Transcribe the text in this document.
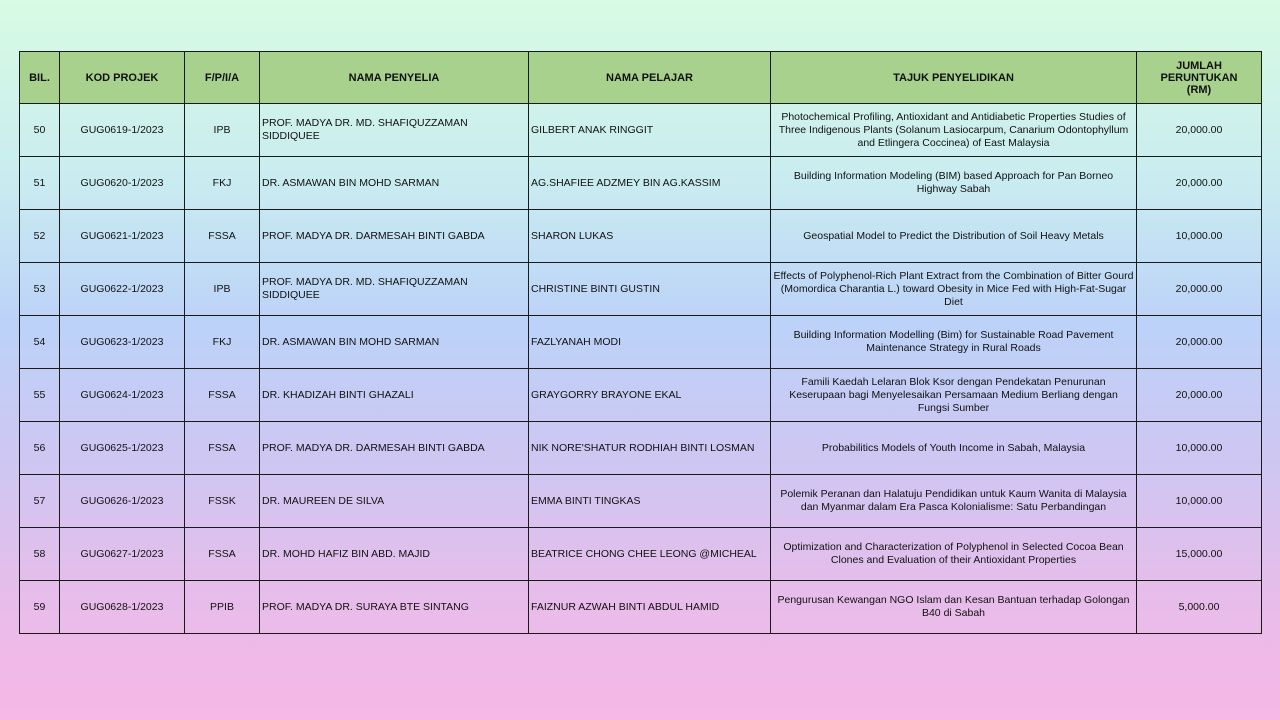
BIL.	KOD PROJEK	F/P/I/A	NAMA PENYELIA	NAMA PELAJAR	TAJUK PENYELIDIKAN	JUMLAH PERUNTUKAN (RM)
50	GUG0619-1/2023	IPB	PROF. MADYA DR. MD. SHAFIQUZZAMAN SIDDIQUEE	GILBERT ANAK RINGGIT	Photochemical Profiling, Antioxidant and Antidiabetic Properties Studies of Three Indigenous Plants (Solanum Lasiocarpum, Canarium Odontophyllum and Etlingera Coccinea) of East Malaysia	20,000.00
51	GUG0620-1/2023	FKJ	DR. ASMAWAN BIN MOHD SARMAN	AG.SHAFIEE ADZMEY BIN AG.KASSIM	Building Information Modeling (BIM) based Approach for Pan Borneo Highway Sabah	20,000.00
52	GUG0621-1/2023	FSSA	PROF. MADYA DR. DARMESAH BINTI GABDA	SHARON LUKAS	Geospatial Model to Predict the Distribution of Soil Heavy Metals	10,000.00
53	GUG0622-1/2023	IPB	PROF. MADYA DR. MD. SHAFIQUZZAMAN SIDDIQUEE	CHRISTINE BINTI GUSTIN	Effects of Polyphenol-Rich Plant Extract from the Combination of Bitter Gourd (Momordica Charantia L.) toward Obesity in Mice Fed with High-Fat-Sugar Diet	20,000.00
54	GUG0623-1/2023	FKJ	DR. ASMAWAN BIN MOHD SARMAN	FAZLYANAH MODI	Building Information Modelling (Bim) for Sustainable Road Pavement Maintenance Strategy in Rural Roads	20,000.00
55	GUG0624-1/2023	FSSA	DR. KHADIZAH BINTI GHAZALI	GRAYGORRY BRAYONE EKAL	Famili Kaedah Lelaran Blok Ksor dengan Pendekatan Penurunan Keserupaan bagi Menyelesaikan Persamaan Medium Berliang dengan Fungsi Sumber	20,000.00
56	GUG0625-1/2023	FSSA	PROF. MADYA DR. DARMESAH BINTI GABDA	NIK NORE'SHATUR RODHIAH BINTI LOSMAN	Probabilitics Models of Youth Income in Sabah, Malaysia	10,000.00
57	GUG0626-1/2023	FSSK	DR. MAUREEN DE SILVA	EMMA BINTI TINGKAS	Polemik Peranan dan Halatuju Pendidikan untuk Kaum Wanita di Malaysia dan Myanmar dalam Era Pasca Kolonialisme: Satu Perbandingan	10,000.00
58	GUG0627-1/2023	FSSA	DR. MOHD HAFIZ BIN ABD. MAJID	BEATRICE CHONG CHEE LEONG @MICHEAL	Optimization and Characterization of Polyphenol in Selected Cocoa Bean Clones and Evaluation of their Antioxidant Properties	15,000.00
59	GUG0628-1/2023	PPIB	PROF. MADYA DR. SURAYA BTE SINTANG	FAIZNUR AZWAH BINTI ABDUL HAMID	Pengurusan Kewangan NGO Islam dan Kesan Bantuan terhadap Golongan B40 di Sabah	5,000.00
